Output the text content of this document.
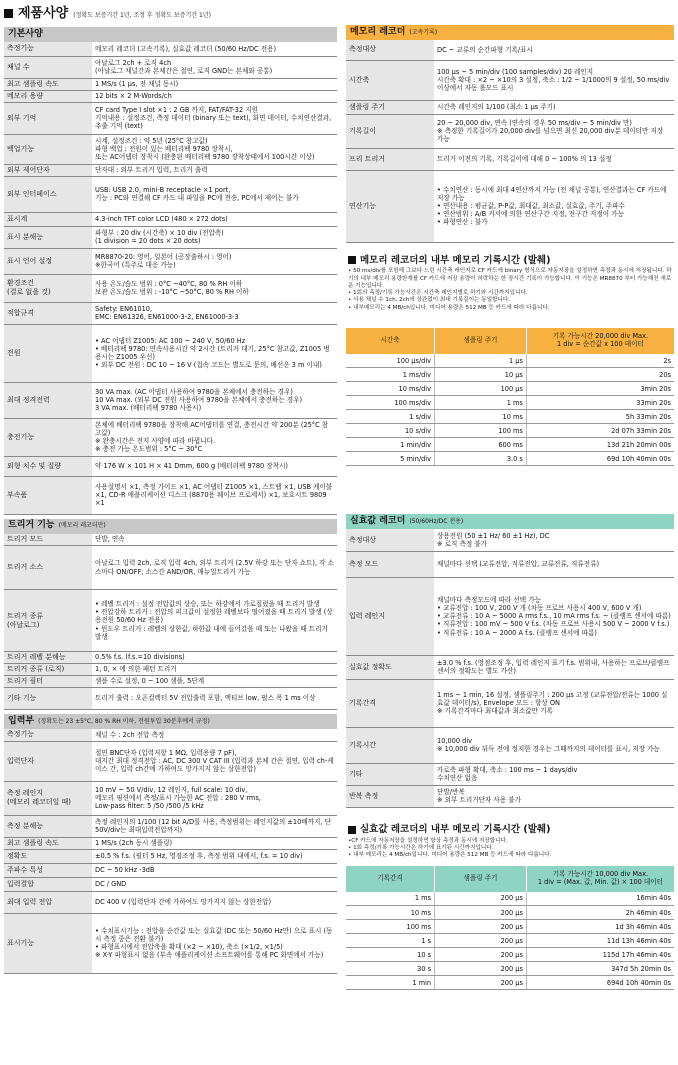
제품사양 (정확도 보증기간 1년, 조정 후 정확도 보증기간 1년)
기본사양
측정기능	메모리 레코더 (고속기록), 실효값 레코더 (50/60 Hz/DC 전용)
채널 수	아날로그 2ch + 로직 4ch
(아날로그 채널간과 본체간은 절연, 로직 GND는 본체와 공통)
최고 샘플링 속도	1 MS/s (1 μs, 전 채널 동시)
메모리 용량	12 bits × 2 M-Words/ch
외부 기억	CF card Type I slot ×1 : 2 GB 까지, FAT/FAT-32 지원
기억내용 : 설정조건, 측정 데이터 (binary 또는 text), 화면 데이터, 수치연산결과, 추출 기억 (text)
백업기능	시계, 설정조건 : 약 5년 (25°C 참고값)
파형 백업 : 전원이 있는 배터리팩 9780 장착시,
또는 AC어댑터 장착시 (완충된 배터리팩 9780 장착상태에서 100시간 이상)
외부 제어단자	단자대 : 외부 트리거 입력, 트리거 출력
외부 인터페이스	USB: USB 2.0, mini-B receptacle ×1 port,
기능 : PC와 연결해 CF 카드 내 파일을 PC에 전송, PC에서 제어는 불가
표시계	4.3-inch TFT color LCD (480 × 272 dots)
표시 분해능	파형부 : 20 div (시간축) × 10 div (전압축)
(1 division = 20 dots × 20 dots)
표시 언어 설정	MR8870-20: 영어, 일본어 (공장출하시 : 영어)
※한국어 (특주로 대응 가능)
환경조건
(결로 없을 것)	사용 온도/습도 범위 : 0°C ~40°C, 80 % RH 이하
보관 온도/습도 범위 : -10°C ~50°C, 80 % RH 이하
적합규격	Safety: EN61010,
EMC: EN61326, EN61000-3-2, EN61000-3-3
전원	• AC 어댑터 Z1005: AC 100 ~ 240 V, 50/60 Hz
• 배터리팩 9780: 연속사용시간 약 2시간 (트리거 대기, 25°C 참고값, Z1005 병용시는 Z1005 우선)
• 외부 DC 전원 : DC 10 ~ 16 V (접속 코드는 별도로 문의, 배선은 3 m 이내)
최대 정격전력	30 VA max. (AC 어댑터 사용하여 9780을 본체에서 충전하는 경우)
10 VA max. (외부 DC 전원 사용하여 9780을 본체에서 충전하는 경우)
3 VA max. (배터리팩 9780 사용시)
충전기능	본체에 배터리팩 9780을 장착해 AC어댑터를 연결, 충전시간 약 200분 (25°C 참고값)
※ 완충시간은 전지 사양에 따라 바뀝니다.
※ 충전 가능 온도범위 : 5°C ~ 30°C
외형 치수 및 질량	약 176 W × 101 H × 41 Dmm, 600 g (배터리팩 9780 장착시)
부속품	사용설명서 ×1, 측정 가이드 ×1, AC 어댑터 Z1005 ×1, 스트랩 ×1, USB 케이블 ×1, CD-R 애플리케이션 디스크 (8870용 웨이브 프로세서) ×1, 보호시트 9809 ×1
트리거 기능 (메모리 레코더만)
트리거 모드	단발, 연속
트리거 소스	아날로그 입력 2ch, 로직 입력 4ch, 외부 트리거 (2.5V 하강 또는 단자 쇼트), 각 소스마다 ON/OFF, 소스간 AND/OR, 매뉴얼트리거 가능
트리거 종류
(아날로그)	• 레벨 트리거 : 설정 전압값의 상승, 또는 하강에서 가로질렀을 때 트리거 발생
• 전압강하 트리거 : 전압의 피크값이 설정한 레벨보다 떨어졌을 때 트리거 발생 (상용전원 50/60 Hz 전용)
• 윈도우 트리거 : 레벨의 상한값, 하한값 내에 들어갔을 때 또는 나왔을 때 트리거 발생
트리거 레벨 분해능	0.5% f.s. (f.s.=10 divisions)
트리거 종류 (로직)	1, 0, × 에 의한 패턴 트리거
트리거 필터	샘플 수로 설정, 0 ~ 100 샘플, 5단계
기타 기능	트리거 출력 : 오픈컬렉터 5V 전압출력 포함, 액티브 low, 펄스 폭 1 ms 이상
입력부 (정확도는 23 ±5°C, 80 % RH 이하, 전원투입 30분후에서 규정)
측정기능	채널 수 : 2ch 전압 측정
입력단자	절연 BNC단자 (입력저항 1 MΩ, 입력용량 7 pF),
대지간 최대 정격전압 : AC, DC 300 V CAT III (입력과 본체 간은 절연, 입력 ch-케이스 간, 입력 ch간에 가하여도 망가지지 않는 상한전압)
측정 레인지
(메모리 레코더일 때)	10 mV ~ 50 V/div, 12 레인지, full scale: 10 div,
메모리 핑션에서 측정/표시 가능한 AC 전압 : 280 V rms,
Low-pass filter: 5 /50 /500 /5 kHz
측정 분해능	측정 레인지의 1/100 (12 bit A/D를 사용, 측정범위는 레인지값의 ±10배까지, 단 50V/div는 최대입력전압까지)
최고 샘플링 속도	1 MS/s (2ch 동시 샘플링)
정확도	±0.5 % f.s. (필터 5 Hz, 영점조정 후, 측정 범위 내에서, f.s. = 10 div)
주파수 특성	DC ~ 50 kHz -3dB
입력결합	DC / GND
최대 입력 전압	DC 400 V (입력단자 간에 가하여도 망가지지 않는 상한전압)
표시기능	• 수치표시기능 : 전압을 순간값 또는 실효값 (DC 또는 50/60 Hz만) 으로 표시 (동시 측정 중은 전환 불가)
• 파형표시에서 전압축을 확대 (×2 ~ ×10), 축소 (×1/2, ×1/5)
※ X-Y 파형표시 없음 (부속 애플리케이션 소프트웨어를 통해 PC 화면에서 가능)
메모리 레코더 (고속기록)
측정대상	DC ~ 교류의 순간파형 기록/표시
시간축	100 μs ~ 5 min/div (100 samples/div) 20 레인지
시간축 확대 : ×2 ~ ×10의 3 설정, 축소 : 1/2 ~ 1/1000의 9 설정, 50 ms/div 이상에서 자동 롤모드 표시
샘플링 주기	시간축 레인지의 1/100 (최소 1 μs 주기)
기록길이	20 ~ 20,000 div, 연속 (연속의 경우 50 ms/div ~ 5 min/div 만)
※ 측정한 기록길이가 20,000 div를 넘으면 최신 20,000 div분 데이터만 저장 가능
프리 트리거	트리거 이전의 기록, 기록길이에 대해 0 ~ 100% 의 13 설정
연산기능	• 수치연산 : 동시에 최대 4연산까지 가능 (전 채널 공통), 연산결과는 CF 카드에 저장 가능
• 연산내용 : 평균값, P-P값, 최대값, 최소값, 실효값, 주기, 주파수
• 연산범위 : A/B 커서에 의한 연산구간 지정, 전구간 지정이 가능
• 파형연산 : 불가
메모리 레코더의 내부 메모리 기록시간 (발췌)
• 50 ms/div를 포함해 그보다 느린 시간축 레인지로 CF 카드에 binary 형식으로 자동저장을 설정하면 측정과 동시에 저장됩니다. 하기의 내부 메모리 용량한계를 CF 카드에 저장 용량이 허락하는 한 장시간 기록이 가능합니다. 이 기능은 MR8870 부터 가능해진 새로운 기능입니다.
• 1회의 측정/기록 가능시간은 시간축 레인지별로 하기와 시간까지입니다.
• 사용 채널 수 1ch, 2ch에 상관없이 최대 기록길이는 동일합니다.
• 내부메모리는 4 MB/ch입니다. 미디어 용량은 512 MB 등 카드에 따라 다릅니다.
시간축	샘플링 주기	기록 가능시간 20,000 div Max.
1 div = 순간값 x 100 데이터
100 μs/div	1 μs	2s
1 ms/div	10 μs	20s
10 ms/div	100 μs	3min 20s
100 ms/div	1 ms	33min 20s
1 s/div	10 ms	5h 33min 20s
10 s/div	100 ms	2d 07h 33min 20s
1 min/div	600 ms	13d 21h 20min 00s
5 min/div	3.0 s	69d 10h 40min 00s
실효값 레코더 (50/60Hz/DC 전용)
측정대상	상용전원 (50 ±1 Hz/ 60 ±1 Hz), DC
※ 로직 측정 불가
측정 모드	채널마다 선택 (교류전압, 직류전압, 교류전류, 직류전류)
입력 레인지	채널마다 측정모드에 따라 선택 가능
• 교류전압 : 100 V, 200 V 개 (차동 프로브 사용시 400 V, 600 V 개)
• 교류전류 : 10 A ~ 5000 A rms f.s., 10 mA rms f.s. ~ (클램프 센서에 따름)
• 직류전압 : 100 mV ~ 500 V f.s. (차동 프로브 사용시 500 V ~ 2000 V f.s.)
• 직류전류 : 10 A ~ 2000 A f.s. (클램프 센서에 따름)
실효값 정확도	±3.0 % f.s. (영점조정 후, 입력 레인지 표기 f.s. 범위내, 사용하는 프로브/클램프 센서의 정확도는 별도 가산)
기록간격	1 ms ~ 1 min, 16 설정, 샘플링주기 : 200 μs 고정 (교류전압/전류는 1000 실효값 데이터/s), Envelope 모드 : 항상 ON
※ 기록간격마다 최대값과 최소값만 기록
기록시간	10,000 div
※ 10,000 div 뒤득 전에 정지한 경우는 그때까지의 데이터를 표시, 저장 가능
기타	가로축 파형 확대, 축소 : 100 ms ~ 1 days/div
수치연산 없음
반복 측정	단발/반복
※ 외부 트리거단자 사용 불가
실효값 레코더의 내부 메모리 기록시간 (발췌)
•CF 카드에 자동저장을 설정하면 항상 측정과 동시에 저장합니다.
• 1회 측정/기록 가능시간은 하기에 표기된 시간까지입니다.
• 내부 메모리는 4 MB/ch입니다. 미디어 용량은 512 MB 등 카드에 따라 다릅니다.
기록간격	샘플링 주기	기록 가능시간 10,000 div Max.
1 div = (Max. 값, Min. 값) × 100 데이터
1 ms	200 μs	16min 40s
10 ms	200 μs	2h 46min 40s
100 ms	200 μs	1d 3h 46min 40s
1 s	200 μs	11d 13h 46min 40s
10 s	200 μs	115d 17h 46min 40s
30 s	200 μs	347d 5h 20min 0s
1 min	200 μs	694d 10h 40min 0s
